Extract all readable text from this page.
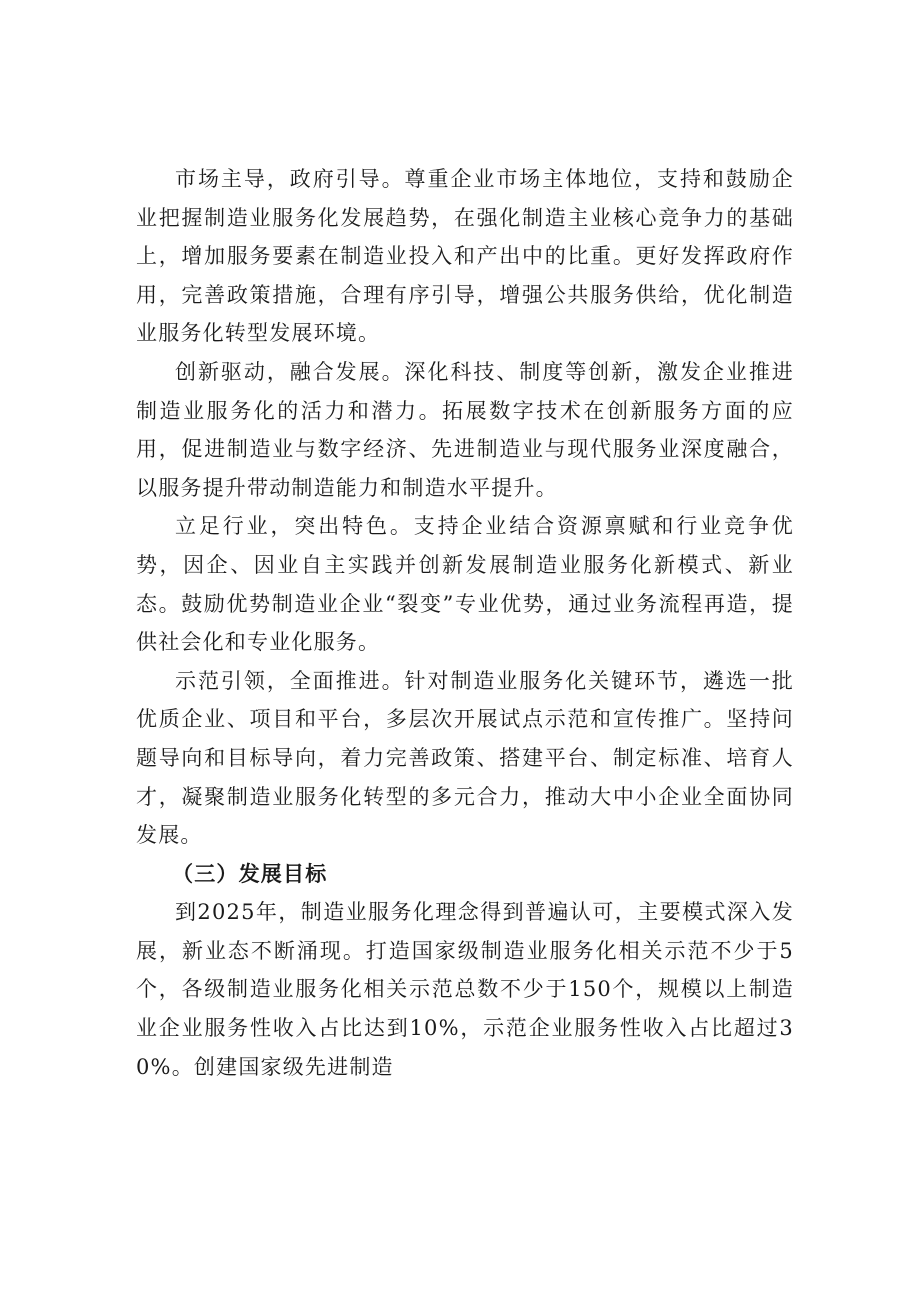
市场主导，政府引导。尊重企业市场主体地位，支持和鼓励企业把握制造业服务化发展趋势，在强化制造主业核心竞争力的基础上，增加服务要素在制造业投入和产出中的比重。更好发挥政府作用，完善政策措施，合理有序引导，增强公共服务供给，优化制造业服务化转型发展环境。

创新驱动，融合发展。深化科技、制度等创新，激发企业推进制造业服务化的活力和潜力。拓展数字技术在创新服务方面的应用，促进制造业与数字经济、先进制造业与现代服务业深度融合，以服务提升带动制造能力和制造水平提升。

立足行业，突出特色。支持企业结合资源禀赋和行业竞争优势，因企、因业自主实践并创新发展制造业服务化新模式、新业态。鼓励优势制造业企业“裂变”专业优势，通过业务流程再造，提供社会化和专业化服务。

示范引领，全面推进。针对制造业服务化关键环节，遴选一批优质企业、项目和平台，多层次开展试点示范和宣传推广。坚持问题导向和目标导向，着力完善政策、搭建平台、制定标准、培育人才，凝聚制造业服务化转型的多元合力，推动大中小企业全面协同发展。

（三）发展目标

到2025年，制造业服务化理念得到普遍认可，主要模式深入发展，新业态不断涌现。打造国家级制造业服务化相关示范不少于5个，各级制造业服务化相关示范总数不少于150个，规模以上制造业企业服务性收入占比达到10%，示范企业服务性收入占比超过30%。创建国家级先进制造
